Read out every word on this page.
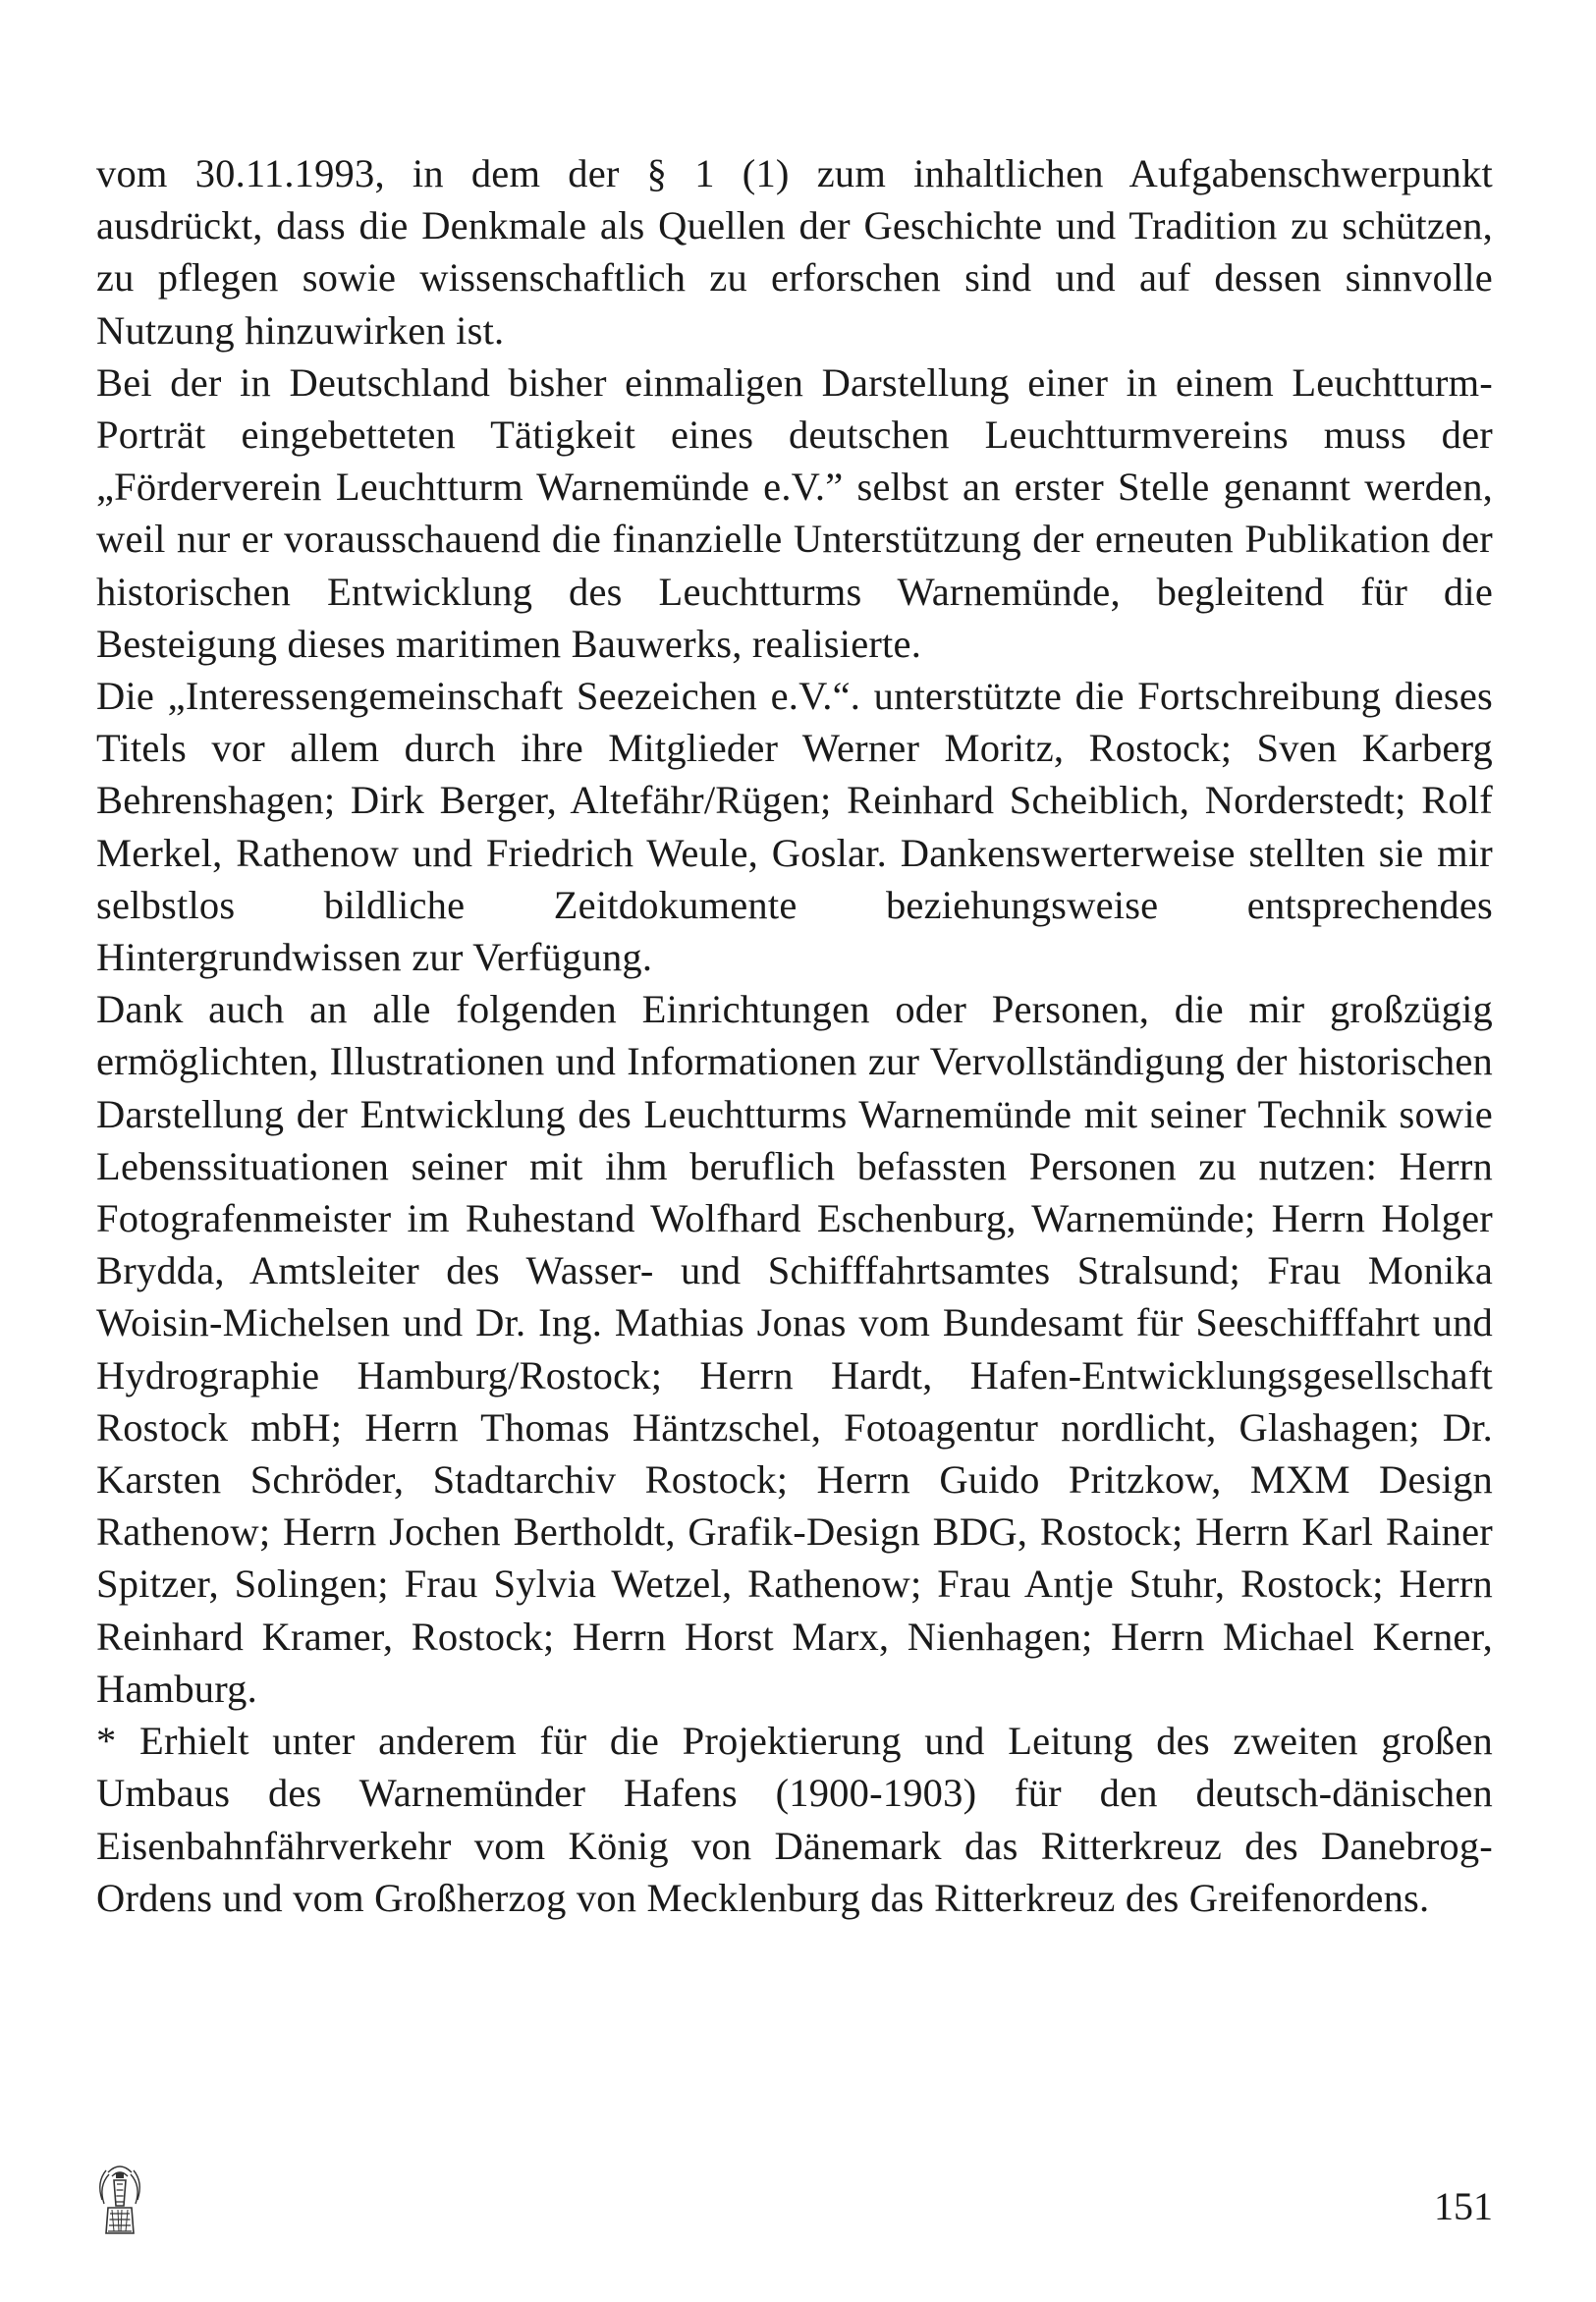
vom 30.11.1993, in dem der § 1 (1) zum inhaltlichen Aufgabenschwerpunkt ausdrückt, dass die Denkmale als Quellen der Geschichte und Tradition zu schützen, zu pflegen sowie wissenschaftlich zu erforschen sind und auf dessen sinnvolle Nutzung hinzuwirken ist.

Bei der in Deutschland bisher einmaligen Darstellung einer in einem Leuchtturm-Porträt eingebetteten Tätigkeit eines deutschen Leuchtturmvereins muss der „Förderverein Leuchtturm Warnemünde e.V.” selbst an erster Stelle genannt werden, weil nur er vorausschauend die finanzielle Unterstützung der erneuten Publikation der historischen Entwicklung des Leuchtturms Warnemünde, begleitend für die Besteigung dieses maritimen Bauwerks, realisierte.

Die „Interessengemeinschaft Seezeichen e.V.“. unterstützte die Fortschreibung dieses Titels vor allem durch ihre Mitglieder Werner Moritz, Rostock; Sven Karberg Behrenshagen; Dirk Berger, Altefähr/Rügen; Reinhard Scheiblich, Norderstedt; Rolf Merkel, Rathenow und Friedrich Weule, Goslar. Dankenswerterweise stellten sie mir selbstlos bildliche Zeitdokumente beziehungsweise entsprechendes Hintergrundwissen zur Verfügung.

Dank auch an alle folgenden Einrichtungen oder Personen, die mir großzügig ermöglichten, Illustrationen und Informationen zur Vervollständigung der historischen Darstellung der Entwicklung des Leuchtturms Warnemünde mit seiner Technik sowie Lebenssituationen seiner mit ihm beruflich befassten Personen zu nutzen: Herrn Fotografenmeister im Ruhestand Wolfhard Eschenburg, Warnemünde; Herrn Holger Brydda, Amtsleiter des Wasser- und Schifffahrtsamtes Stralsund; Frau Monika Woisin-Michelsen und Dr. Ing. Mathias Jonas vom Bundesamt für Seeschifffahrt und Hydrographie Hamburg/Rostock; Herrn Hardt, Hafen-Entwicklungsgesellschaft Rostock mbH; Herrn Thomas Häntzschel, Fotoagentur nordlicht, Glashagen; Dr. Karsten Schröder, Stadtarchiv Rostock; Herrn Guido Pritzkow, MXM Design Rathenow; Herrn Jochen Bertholdt, Grafik-Design BDG, Rostock; Herrn Karl Rainer Spitzer, Solingen; Frau Sylvia Wetzel, Rathenow; Frau Antje Stuhr, Rostock; Herrn Reinhard Kramer, Rostock; Herrn Horst Marx, Nienhagen; Herrn Michael Kerner, Hamburg.

* Erhielt unter anderem für die Projektierung und Leitung des zweiten großen Umbaus des Warnemünder Hafens (1900-1903) für den deutsch-dänischen Eisenbahnfährverkehr vom König von Dänemark das Ritterkreuz des Danebrog-Ordens und vom Großherzog von Mecklenburg das Ritterkreuz des Greifenordens.

151
